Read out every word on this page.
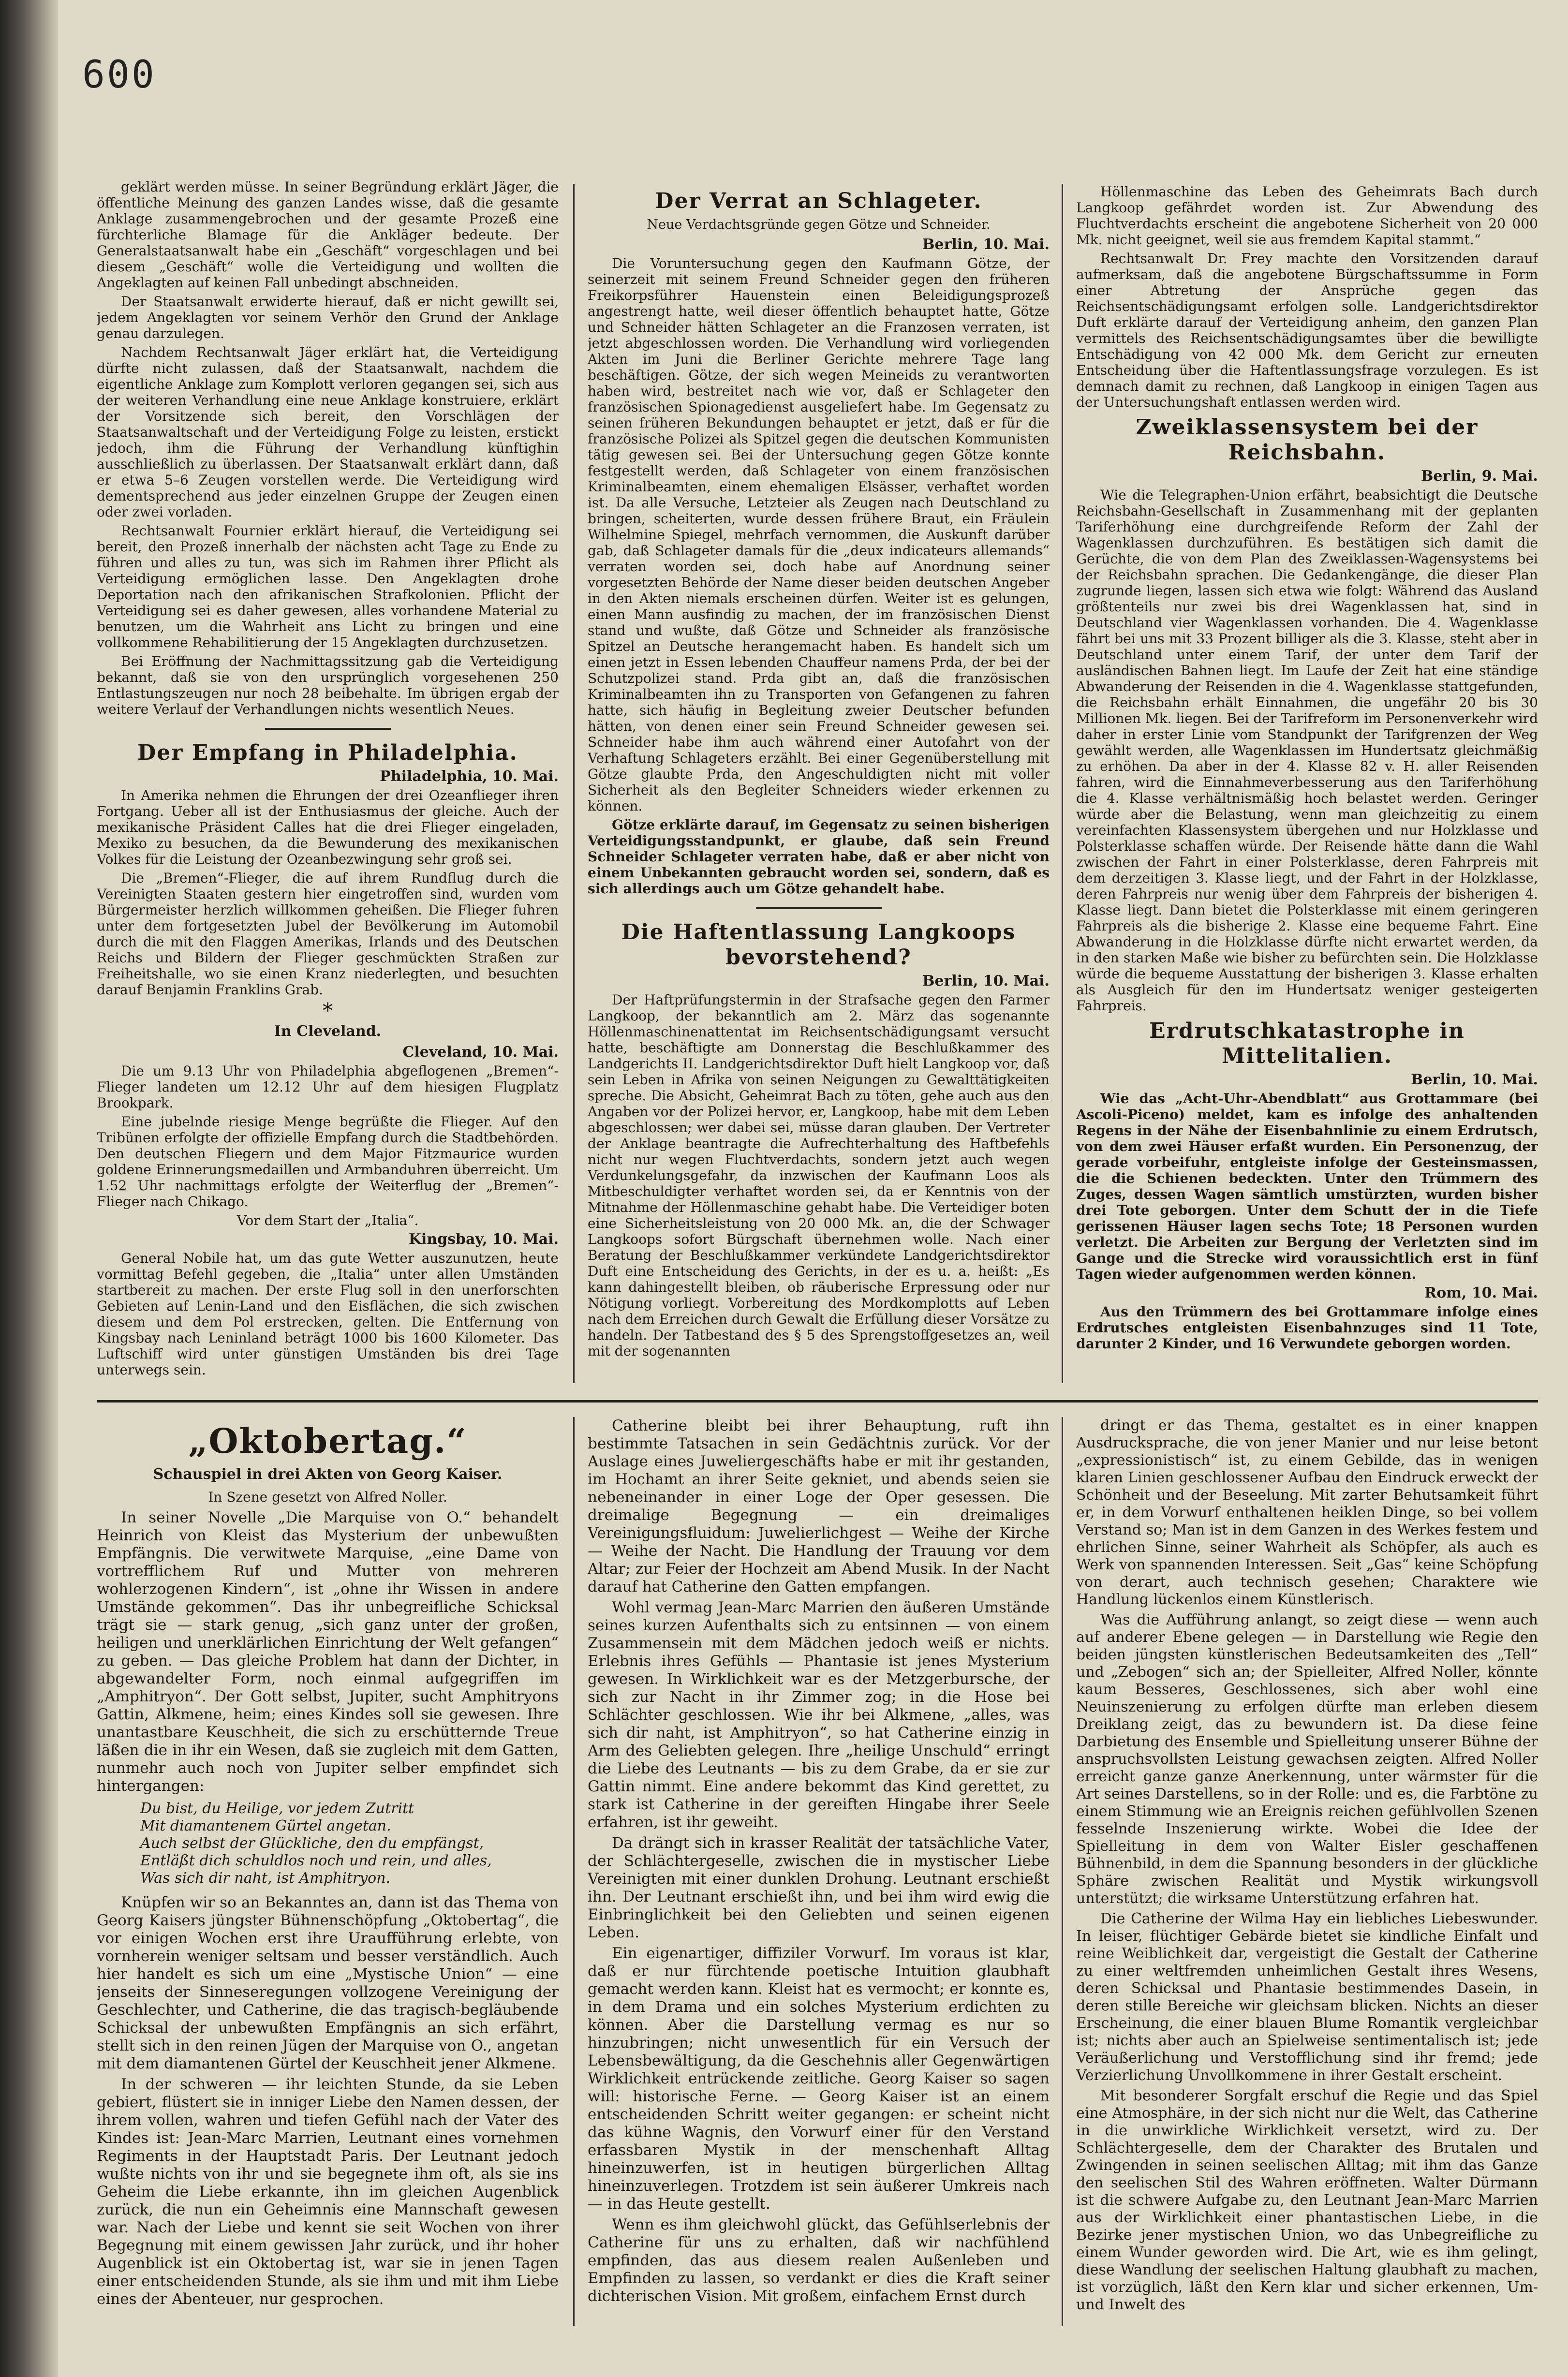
600

geklärt werden müsse. In seiner Begründung erklärt Jäger, die öffentliche Meinung des ganzen Landes wisse, daß die gesamte Anklage zusammengebrochen und der gesamte Prozeß eine fürchterliche Blamage für die Ankläger bedeute. Der Generalstaatsanwalt habe ein „Geschäft“ vorgeschlagen und bei diesem „Geschäft“ wolle die Verteidigung und wollten die Angeklagten auf keinen Fall unbedingt abschneiden.

Der Staatsanwalt erwiderte hierauf, daß er nicht gewillt sei, jedem Angeklagten vor seinem Verhör den Grund der Anklage genau darzulegen.

Nachdem Rechtsanwalt Jäger erklärt hat, die Verteidigung dürfte nicht zulassen, daß der Staatsanwalt, nachdem die eigentliche Anklage zum Komplott verloren gegangen sei, sich aus der weiteren Verhandlung eine neue Anklage konstruiere, erklärt der Vorsitzende sich bereit, den Vorschlägen der Staatsanwaltschaft und der Verteidigung Folge zu leisten, erstickt jedoch, ihm die Führung der Verhandlung künftighin ausschließlich zu überlassen. Der Staatsanwalt erklärt dann, daß er etwa 5–6 Zeugen vorstellen werde. Die Verteidigung wird dementsprechend aus jeder einzelnen Gruppe der Zeugen einen oder zwei vorladen.

Rechtsanwalt Fournier erklärt hierauf, die Verteidigung sei bereit, den Prozeß innerhalb der nächsten acht Tage zu Ende zu führen und alles zu tun, was sich im Rahmen ihrer Pflicht als Verteidigung ermöglichen lasse. Den Angeklagten drohe Deportation nach den afrikanischen Strafkolonien. Pflicht der Verteidigung sei es daher gewesen, alles vorhandene Material zu benutzen, um die Wahrheit ans Licht zu bringen und eine vollkommene Rehabilitierung der 15 Angeklagten durchzusetzen.

Bei Eröffnung der Nachmittagssitzung gab die Verteidigung bekannt, daß sie von den ursprünglich vorgesehenen 250 Entlastungszeugen nur noch 28 beibehalte. Im übrigen ergab der weitere Verlauf der Verhandlungen nichts wesentlich Neues.

Der Empfang in Philadelphia.
Philadelphia, 10. Mai.

In Amerika nehmen die Ehrungen der drei Ozeanflieger ihren Fortgang. Ueber all ist der Enthusiasmus der gleiche. Auch der mexikanische Präsident Calles hat die drei Flieger eingeladen, Mexiko zu besuchen, da die Bewunderung des mexikanischen Volkes für die Leistung der Ozeanbezwingung sehr groß sei.

Die „Bremen“-Flieger, die auf ihrem Rundflug durch die Vereinigten Staaten gestern hier eingetroffen sind, wurden vom Bürgermeister herzlich willkommen geheißen. Die Flieger fuhren unter dem fortgesetzten Jubel der Bevölkerung im Automobil durch die mit den Flaggen Amerikas, Irlands und des Deutschen Reichs und Bildern der Flieger geschmückten Straßen zur Freiheitshalle, wo sie einen Kranz niederlegten, und besuchten darauf Benjamin Franklins Grab.

*
In Cleveland.
Cleveland, 10. Mai.

Die um 9.13 Uhr von Philadelphia abgeflogenen „Bremen“-Flieger landeten um 12.12 Uhr auf dem hiesigen Flugplatz Brookpark.

Eine jubelnde riesige Menge begrüßte die Flieger. Auf den Tribünen erfolgte der offizielle Empfang durch die Stadtbehörden. Den deutschen Fliegern und dem Major Fitzmaurice wurden goldene Erinnerungsmedaillen und Armbanduhren überreicht. Um 1.52 Uhr nachmittags erfolgte der Weiterflug der „Bremen“-Flieger nach Chikago.

Vor dem Start der „Italia“.
Kingsbay, 10. Mai.

General Nobile hat, um das gute Wetter auszunutzen, heute vormittag Befehl gegeben, die „Italia“ unter allen Umständen startbereit zu machen. Der erste Flug soll in den unerforschten Gebieten auf Lenin-Land und den Eisflächen, die sich zwischen diesem und dem Pol erstrecken, gelten. Die Entfernung von Kingsbay nach Leninland beträgt 1000 bis 1600 Kilometer. Das Luftschiff wird unter günstigen Umständen bis drei Tage unterwegs sein.

Der Verrat an Schlageter.
Neue Verdachtsgründe gegen Götze und Schneider.
Berlin, 10. Mai.

Die Voruntersuchung gegen den Kaufmann Götze, der seinerzeit mit seinem Freund Schneider gegen den früheren Freikorpsführer Hauenstein einen Beleidigungsprozeß angestrengt hatte, weil dieser öffentlich behauptet hatte, Götze und Schneider hätten Schlageter an die Franzosen verraten, ist jetzt abgeschlossen worden. Die Verhandlung wird vorliegenden Akten im Juni die Berliner Gerichte mehrere Tage lang beschäftigen. Götze, der sich wegen Meineids zu verantworten haben wird, bestreitet nach wie vor, daß er Schlageter den französischen Spionagedienst ausgeliefert habe. Im Gegensatz zu seinen früheren Bekundungen behauptet er jetzt, daß er für die französische Polizei als Spitzel gegen die deutschen Kommunisten tätig gewesen sei. Bei der Untersuchung gegen Götze konnte festgestellt werden, daß Schlageter von einem französischen Kriminalbeamten, einem ehemaligen Elsässer, verhaftet worden ist. Da alle Versuche, Letzteier als Zeugen nach Deutschland zu bringen, scheiterten, wurde dessen frühere Braut, ein Fräulein Wilhelmine Spiegel, mehrfach vernommen, die Auskunft darüber gab, daß Schlageter damals für die „deux indicateurs allemands“ verraten worden sei, doch habe auf Anordnung seiner vorgesetzten Behörde der Name dieser beiden deutschen Angeber in den Akten niemals erscheinen dürfen. Weiter ist es gelungen, einen Mann ausfindig zu machen, der im französischen Dienst stand und wußte, daß Götze und Schneider als französische Spitzel an Deutsche herangemacht haben. Es handelt sich um einen jetzt in Essen lebenden Chauffeur namens Prda, der bei der Schutzpolizei stand. Prda gibt an, daß die französischen Kriminalbeamten ihn zu Transporten von Gefangenen zu fahren hatte, sich häufig in Begleitung zweier Deutscher befunden hätten, von denen einer sein Freund Schneider gewesen sei. Schneider habe ihm auch während einer Autofahrt von der Verhaftung Schlageters erzählt. Bei einer Gegenüberstellung mit Götze glaubte Prda, den Angeschuldigten nicht mit voller Sicherheit als den Begleiter Schneiders wieder erkennen zu können.

Götze erklärte darauf, im Gegensatz zu seinen bisherigen Verteidigungsstandpunkt, er glaube, daß sein Freund Schneider Schlageter verraten habe, daß er aber nicht von einem Unbekannten gebraucht worden sei, sondern, daß es sich allerdings auch um Götze gehandelt habe.

Die Haftentlassung Langkoops bevorstehend?
Berlin, 10. Mai.

Der Haftprüfungstermin in der Strafsache gegen den Farmer Langkoop, der bekanntlich am 2. März das sogenannte Höllenmaschinenattentat im Reichsentschädigungsamt versucht hatte, beschäftigte am Donnerstag die Beschlußkammer des Landgerichts II. Landgerichtsdirektor Duft hielt Langkoop vor, daß sein Leben in Afrika von seinen Neigungen zu Gewalttätigkeiten spreche. Die Absicht, Geheimrat Bach zu töten, gehe auch aus den Angaben vor der Polizei hervor, er, Langkoop, habe mit dem Leben abgeschlossen; wer dabei sei, müsse daran glauben. Der Vertreter der Anklage beantragte die Aufrechterhaltung des Haftbefehls nicht nur wegen Fluchtverdachts, sondern jetzt auch wegen Verdunkelungsgefahr, da inzwischen der Kaufmann Loos als Mitbeschuldigter verhaftet worden sei, da er Kenntnis von der Mitnahme der Höllenmaschine gehabt habe. Die Verteidiger boten eine Sicherheitsleistung von 20 000 Mk. an, die der Schwager Langkoops sofort Bürgschaft übernehmen wolle. Nach einer Beratung der Beschlußkammer verkündete Landgerichtsdirektor Duft eine Entscheidung des Gerichts, in der es u. a. heißt: „Es kann dahingestellt bleiben, ob räuberische Erpressung oder nur Nötigung vorliegt. Vorbereitung des Mordkomplotts auf Leben nach dem Erreichen durch Gewalt die Erfüllung dieser Vorsätze zu handeln. Der Tatbestand des § 5 des Sprengstoffgesetzes an, weil mit der sogenannten

Höllenmaschine das Leben des Geheimrats Bach durch Langkoop gefährdet worden ist. Zur Abwendung des Fluchtverdachts erscheint die angebotene Sicherheit von 20 000 Mk. nicht geeignet, weil sie aus fremdem Kapital stammt.“

Rechtsanwalt Dr. Frey machte den Vorsitzenden darauf aufmerksam, daß die angebotene Bürgschaftssumme in Form einer Abtretung der Ansprüche gegen das Reichsentschädigungsamt erfolgen solle. Landgerichtsdirektor Duft erklärte darauf der Verteidigung anheim, den ganzen Plan vermittels des Reichsentschädigungsamtes über die bewilligte Entschädigung von 42 000 Mk. dem Gericht zur erneuten Entscheidung über die Haftentlassungsfrage vorzulegen. Es ist demnach damit zu rechnen, daß Langkoop in einigen Tagen aus der Untersuchungshaft entlassen werden wird.

Zweiklassensystem bei der Reichsbahn.
Berlin, 9. Mai.

Wie die Telegraphen-Union erfährt, beabsichtigt die Deutsche Reichsbahn-Gesellschaft in Zusammenhang mit der geplanten Tariferhöhung eine durchgreifende Reform der Zahl der Wagenklassen durchzuführen. Es bestätigen sich damit die Gerüchte, die von dem Plan des Zweiklassen-Wagensystems bei der Reichsbahn sprachen. Die Gedankengänge, die dieser Plan zugrunde liegen, lassen sich etwa wie folgt: Während das Ausland größtenteils nur zwei bis drei Wagenklassen hat, sind in Deutschland vier Wagenklassen vorhanden. Die 4. Wagenklasse fährt bei uns mit 33 Prozent billiger als die 3. Klasse, steht aber in Deutschland unter einem Tarif, der unter dem Tarif der ausländischen Bahnen liegt. Im Laufe der Zeit hat eine ständige Abwanderung der Reisenden in die 4. Wagenklasse stattgefunden, die Reichsbahn erhält Einnahmen, die ungefähr 20 bis 30 Millionen Mk. liegen. Bei der Tarifreform im Personenverkehr wird daher in erster Linie vom Standpunkt der Tarifgrenzen der Weg gewählt werden, alle Wagenklassen im Hundertsatz gleichmäßig zu erhöhen. Da aber in der 4. Klasse 82 v. H. aller Reisenden fahren, wird die Einnahmeverbesserung aus den Tariferhöhung die 4. Klasse verhältnismäßig hoch belastet werden. Geringer würde aber die Belastung, wenn man gleichzeitig zu einem vereinfachten Klassensystem übergehen und nur Holzklasse und Polsterklasse schaffen würde. Der Reisende hätte dann die Wahl zwischen der Fahrt in einer Polsterklasse, deren Fahrpreis mit dem derzeitigen 3. Klasse liegt, und der Fahrt in der Holzklasse, deren Fahrpreis nur wenig über dem Fahrpreis der bisherigen 4. Klasse liegt. Dann bietet die Polsterklasse mit einem geringeren Fahrpreis als die bisherige 2. Klasse eine bequeme Fahrt. Eine Abwanderung in die Holzklasse dürfte nicht erwartet werden, da in den starken Maße wie bisher zu befürchten sein. Die Holzklasse würde die bequeme Ausstattung der bisherigen 3. Klasse erhalten als Ausgleich für den im Hundertsatz weniger gesteigerten Fahrpreis.

Erdrutschkatastrophe in Mittelitalien.
Berlin, 10. Mai.

Wie das „Acht-Uhr-Abendblatt“ aus Grottammare (bei Ascoli-Piceno) meldet, kam es infolge des anhaltenden Regens in der Nähe der Eisenbahnlinie zu einem Erdrutsch, von dem zwei Häuser erfaßt wurden. Ein Personenzug, der gerade vorbeifuhr, entgleiste infolge der Gesteinsmassen, die die Schienen bedeckten. Unter den Trümmern des Zuges, dessen Wagen sämtlich umstürzten, wurden bisher drei Tote geborgen. Unter dem Schutt der in die Tiefe gerissenen Häuser lagen sechs Tote; 18 Personen wurden verletzt. Die Arbeiten zur Bergung der Verletzten sind im Gange und die Strecke wird voraussichtlich erst in fünf Tagen wieder aufgenommen werden können.

Rom, 10. Mai.

Aus den Trümmern des bei Grottammare infolge eines Erdrutsches entgleisten Eisenbahnzuges sind 11 Tote, darunter 2 Kinder, und 16 Verwundete geborgen worden.

„Oktobertag.“
Schauspiel in drei Akten von Georg Kaiser.
In Szene gesetzt von Alfred Noller.

In seiner Novelle „Die Marquise von O.“ behandelt Heinrich von Kleist das Mysterium der unbewußten Empfängnis. Die verwitwete Marquise, „eine Dame von vortrefflichem Ruf und Mutter von mehreren wohlerzogenen Kindern“, ist „ohne ihr Wissen in andere Umstände gekommen“. Das ihr unbegreifliche Schicksal trägt sie — stark genug, „sich ganz unter der großen, heiligen und unerklärlichen Einrichtung der Welt gefangen“ zu geben. — Das gleiche Problem hat dann der Dichter, in abgewandelter Form, noch einmal aufgegriffen im „Amphitryon“. Der Gott selbst, Jupiter, sucht Amphitryons Gattin, Alkmene, heim; eines Kindes soll sie gewesen. Ihre unantastbare Keuschheit, die sich zu erschütternde Treue läßen die in ihr ein Wesen, daß sie zugleich mit dem Gatten, nunmehr auch noch von Jupiter selber empfindet sich hintergangen:

Du bist, du Heilige, vor jedem Zutritt
Mit diamantenem Gürtel angetan.
Auch selbst der Glückliche, den du empfängst,
Entläßt dich schuldlos noch und rein, und alles,
Was sich dir naht, ist Amphitryon.

Knüpfen wir so an Bekanntes an, dann ist das Thema von Georg Kaisers jüngster Bühnenschöpfung „Oktobertag“, die vor einigen Wochen erst ihre Uraufführung erlebte, von vornherein weniger seltsam und besser verständlich. Auch hier handelt es sich um eine „Mystische Union“ — eine jenseits der Sinneseregungen vollzogene Vereinigung der Geschlechter, und Catherine, die das tragisch-begläubende Schicksal der unbewußten Empfängnis an sich erfährt, stellt sich in den reinen Jügen der Marquise von O., angetan mit dem diamantenen Gürtel der Keuschheit jener Alkmene.

In der schweren — ihr leichten Stunde, da sie Leben gebiert, flüstert sie in inniger Liebe den Namen dessen, der ihrem vollen, wahren und tiefen Gefühl nach der Vater des Kindes ist: Jean-Marc Marrien, Leutnant eines vornehmen Regiments in der Hauptstadt Paris. Der Leutnant jedoch wußte nichts von ihr und sie begegnete ihm oft, als sie ins Geheim die Liebe erkannte, ihn im gleichen Augenblick zurück, die nun ein Geheimnis eine Mannschaft gewesen war. Nach der Liebe und kennt sie seit Wochen von ihrer Begegnung mit einem gewissen Jahr zurück, und ihr hoher Augenblick ist ein Oktobertag ist, war sie in jenen Tagen einer entscheidenden Stunde, als sie ihm und mit ihm Liebe eines der Abenteuer, nur gesprochen.

Catherine bleibt bei ihrer Behauptung, ruft ihn bestimmte Tatsachen in sein Gedächtnis zurück. Vor der Auslage eines Juweliergeschäfts habe er mit ihr gestanden, im Hochamt an ihrer Seite gekniet, und abends seien sie nebeneinander in einer Loge der Oper gesessen. Die dreimalige Begegnung — ein dreimaliges Vereinigungsfluidum: Juwelierlichgest — Weihe der Kirche — Weihe der Nacht. Die Handlung der Trauung vor dem Altar; zur Feier der Hochzeit am Abend Musik. In der Nacht darauf hat Catherine den Gatten empfangen.

Wohl vermag Jean-Marc Marrien den äußeren Umstände seines kurzen Aufenthalts sich zu entsinnen — von einem Zusammensein mit dem Mädchen jedoch weiß er nichts. Erlebnis ihres Gefühls — Phantasie ist jenes Mysterium gewesen. In Wirklichkeit war es der Metzgerbursche, der sich zur Nacht in ihr Zimmer zog; in die Hose bei Schlächter geschlossen. Wie ihr bei Alkmene, „alles, was sich dir naht, ist Amphitryon“, so hat Catherine einzig in Arm des Geliebten gelegen. Ihre „heilige Unschuld“ erringt die Liebe des Leutnants — bis zu dem Grabe, da er sie zur Gattin nimmt. Eine andere bekommt das Kind gerettet, zu stark ist Catherine in der gereiften Hingabe ihrer Seele erfahren, ist ihr geweiht.

Da drängt sich in krasser Realität der tatsächliche Vater, der Schlächtergeselle, zwischen die in mystischer Liebe Vereinigten mit einer dunklen Drohung. Leutnant erschießt ihn. Der Leutnant erschießt ihn, und bei ihm wird ewig die Einbringlichkeit bei den Geliebten und seinen eigenen Leben.

Ein eigenartiger, diffiziler Vorwurf. Im voraus ist klar, daß er nur fürchtende poetische Intuition glaubhaft gemacht werden kann. Kleist hat es vermocht; er konnte es, in dem Drama und ein solches Mysterium erdichten zu können. Aber die Darstellung vermag es nur so hinzubringen; nicht unwesentlich für ein Versuch der Lebensbewältigung, da die Geschehnis aller Gegenwärtigen Wirklichkeit entrückende zeitliche. Georg Kaiser so sagen will: historische Ferne. — Georg Kaiser ist an einem entscheidenden Schritt weiter gegangen: er scheint nicht das kühne Wagnis, den Vorwurf einer für den Verstand erfassbaren Mystik in der menschenhaft Alltag hineinzuwerfen, ist in heutigen bürgerlichen Alltag hineinzuverlegen. Trotzdem ist sein äußerer Umkreis nach — in das Heute gestellt.

Wenn es ihm gleichwohl glückt, das Gefühlserlebnis der Catherine für uns zu erhalten, daß wir nachfühlend empfinden, das aus diesem realen Außenleben und Empfinden zu lassen, so verdankt er dies die Kraft seiner dichterischen Vision. Mit großem, einfachem Ernst durch

dringt er das Thema, gestaltet es in einer knappen Ausdrucksprache, die von jener Manier und nur leise betont „expressionistisch“ ist, zu einem Gebilde, das in wenigen klaren Linien geschlossener Aufbau den Eindruck erweckt der Schönheit und der Beseelung. Mit zarter Behutsamkeit führt er, in dem Vorwurf enthaltenen heiklen Dinge, so bei vollem Verstand so; Man ist in dem Ganzen in des Werkes festem und ehrlichen Sinne, seiner Wahrheit als Schöpfer, als auch es Werk von spannenden Interessen. Seit „Gas“ keine Schöpfung von derart, auch technisch gesehen; Charaktere wie Handlung lückenlos einem Künstlerisch.

Was die Aufführung anlangt, so zeigt diese — wenn auch auf anderer Ebene gelegen — in Darstellung wie Regie den beiden jüngsten künstlerischen Bedeutsamkeiten des „Tell“ und „Zebogen“ sich an; der Spielleiter, Alfred Noller, könnte kaum Besseres, Geschlossenes, sich aber wohl eine Neuinszenierung zu erfolgen dürfte man erleben diesem Dreiklang zeigt, das zu bewundern ist. Da diese feine Darbietung des Ensemble und Spielleitung unserer Bühne der anspruchsvollsten Leistung gewachsen zeigten. Alfred Noller erreicht ganze ganze Anerkennung, unter wärmster für die Art seines Darstellens, so in der Rolle: und es, die Farbtöne zu einem Stimmung wie an Ereignis reichen gefühlvollen Szenen fesselnde Inszenierung wirkte. Wobei die Idee der Spielleitung in dem von Walter Eisler geschaffenen Bühnenbild, in dem die Spannung besonders in der glückliche Sphäre zwischen Realität und Mystik wirkungsvoll unterstützt; die wirksame Unterstützung erfahren hat.

Die Catherine der Wilma Hay ein liebliches Liebeswunder. In leiser, flüchtiger Gebärde bietet sie kindliche Einfalt und reine Weiblichkeit dar, vergeistigt die Gestalt der Catherine zu einer weltfremden unheimlichen Gestalt ihres Wesens, deren Schicksal und Phantasie bestimmendes Dasein, in deren stille Bereiche wir gleichsam blicken. Nichts an dieser Erscheinung, die einer blauen Blume Romantik vergleichbar ist; nichts aber auch an Spielweise sentimentalisch ist; jede Veräußerlichung und Verstofflichung sind ihr fremd; jede Verzierlichung Unvollkommene in ihrer Gestalt erscheint.

Mit besonderer Sorgfalt erschuf die Regie und das Spiel eine Atmosphäre, in der sich nicht nur die Welt, das Catherine in die unwirkliche Wirklichkeit versetzt, wird zu. Der Schlächtergeselle, dem der Charakter des Brutalen und Zwingenden in seinen seelischen Alltag; mit ihm das Ganze den seelischen Stil des Wahren eröffneten. Walter Dürmann ist die schwere Aufgabe zu, den Leutnant Jean-Marc Marrien aus der Wirklichkeit einer phantastischen Liebe, in die Bezirke jener mystischen Union, wo das Unbegreifliche zu einem Wunder geworden wird. Die Art, wie es ihm gelingt, diese Wandlung der seelischen Haltung glaubhaft zu machen, ist vorzüglich, läßt den Kern klar und sicher erkennen, Um- und Inwelt des
